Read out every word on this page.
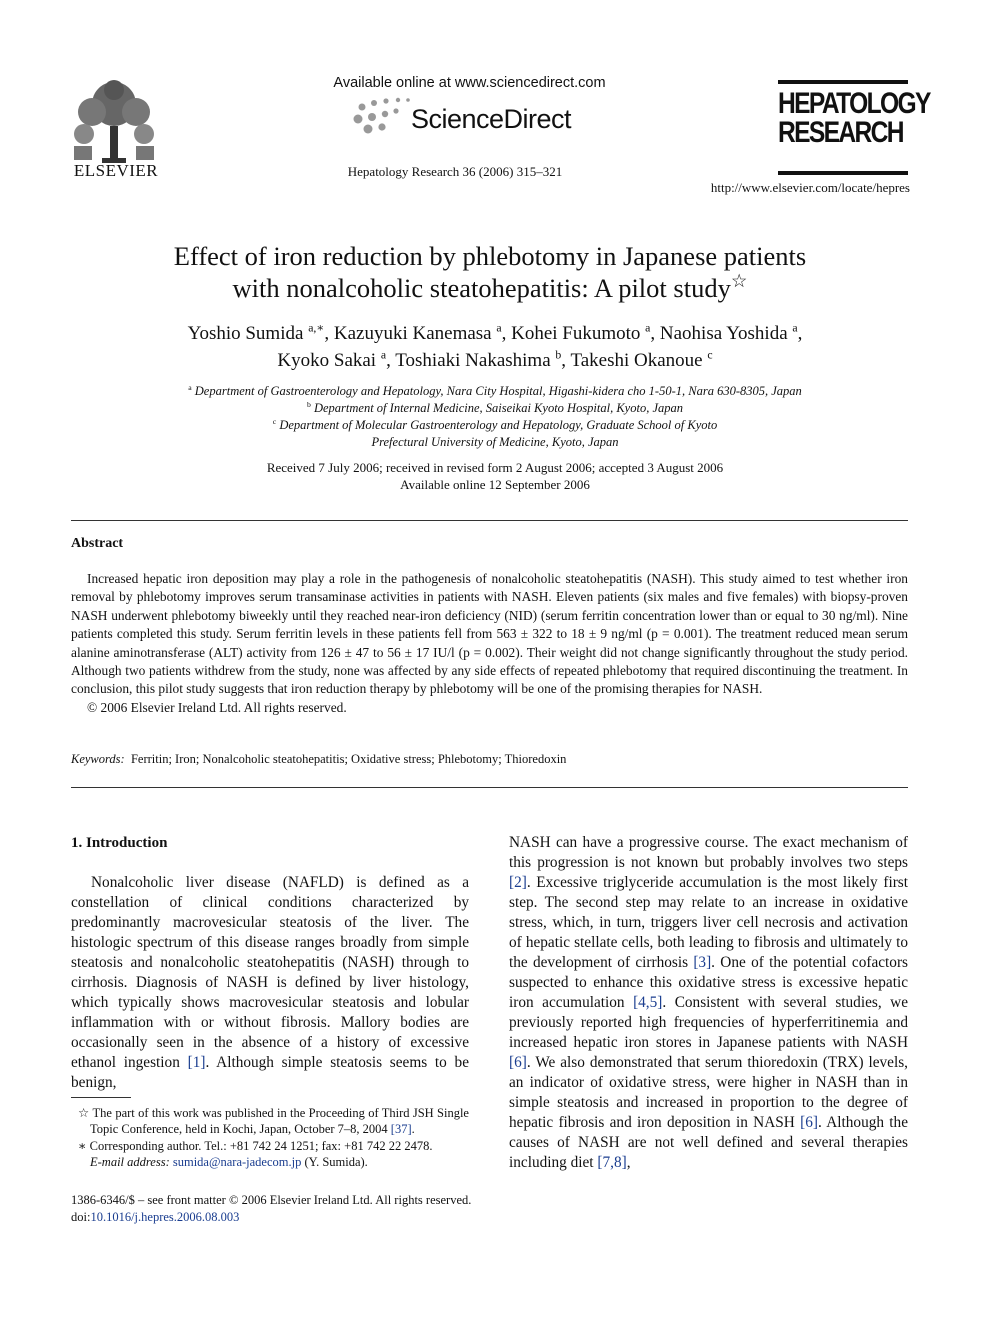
ELSEVIER
Available online at www.sciencedirect.com
ScienceDirect
Hepatology Research 36 (2006) 315–321
HEPATOLOGY
RESEARCH
http://www.elsevier.com/locate/hepres
Effect of iron reduction by phlebotomy in Japanese patients
with nonalcoholic steatohepatitis: A pilot study☆
Yoshio Sumida $^{a,∗}$, Kazuyuki Kanemasa $^a$, Kohei Fukumoto $^a$, Naohisa Yoshida $^a$,
Kyoko Sakai $^a$, Toshiaki Nakashima $^b$, Takeshi Okanoue $^c$
$^a$ Department of Gastroenterology and Hepatology, Nara City Hospital, Higashi-kidera cho 1-50-1, Nara 630-8305, Japan
$^b$ Department of Internal Medicine, Saiseikai Kyoto Hospital, Kyoto, Japan
$^c$ Department of Molecular Gastroenterology and Hepatology, Graduate School of Kyoto
Prefectural University of Medicine, Kyoto, Japan
Received 7 July 2006; received in revised form 2 August 2006; accepted 3 August 2006
Available online 12 September 2006
Abstract

Increased hepatic iron deposition may play a role in the pathogenesis of nonalcoholic steatohepatitis (NASH). This study aimed to test whether iron removal by phlebotomy improves serum transaminase activities in patients with NASH. Eleven patients (six males and five females) with biopsy-proven NASH underwent phlebotomy biweekly until they reached near-iron deficiency (NID) (serum ferritin concentration lower than or equal to 30 ng/ml). Nine patients completed this study. Serum ferritin levels in these patients fell from 563 ± 322 to 18 ± 9 ng/ml (p = 0.001). The treatment reduced mean serum alanine aminotransferase (ALT) activity from 126 ± 47 to 56 ± 17 IU/l (p = 0.002). Their weight did not change significantly throughout the study period. Although two patients withdrew from the study, none was affected by any side effects of repeated phlebotomy that required discontinuing the treatment. In conclusion, this pilot study suggests that iron reduction therapy by phlebotomy will be one of the promising therapies for NASH.

© 2006 Elsevier Ireland Ltd. All rights reserved.

Keywords: Ferritin; Iron; Nonalcoholic steatohepatitis; Oxidative stress; Phlebotomy; Thioredoxin
1. Introduction

Nonalcoholic liver disease (NAFLD) is defined as a constellation of clinical conditions characterized by predominantly macrovesicular steatosis of the liver. The histologic spectrum of this disease ranges broadly from simple steatosis and nonalcoholic steatohepatitis (NASH) through to cirrhosis. Diagnosis of NASH is defined by liver histology, which typically shows macrovesicular steatosis and lobular inflammation with or without fibrosis. Mallory bodies are occasionally seen in the absence of a history of excessive ethanol ingestion [1]. Although simple steatosis seems to be benign,

NASH can have a progressive course. The exact mechanism of this progression is not known but probably involves two steps [2]. Excessive triglyceride accumulation is the most likely first step. The second step may relate to an increase in oxidative stress, which, in turn, triggers liver cell necrosis and activation of hepatic stellate cells, both leading to fibrosis and ultimately to the development of cirrhosis [3]. One of the potential cofactors suspected to enhance this oxidative stress is excessive hepatic iron accumulation [4,5]. Consistent with several studies, we previously reported high frequencies of hyperferritinemia and increased hepatic iron stores in Japanese patients with NASH [6]. We also demonstrated that serum thioredoxin (TRX) levels, an indicator of oxidative stress, were higher in NASH than in simple steatosis and increased in proportion to the degree of hepatic fibrosis and iron deposition in NASH [6]. Although the causes of NASH are not well defined and several therapies including diet [7,8],

☆ The part of this work was published in the Proceeding of Third JSH Single Topic Conference, held in Kochi, Japan, October 7–8, 2004 [37].

∗ Corresponding author. Tel.: +81 742 24 1251; fax: +81 742 22 2478.
E-mail address: sumida@nara-jadecom.jp (Y. Sumida).

1386-6346/$ – see front matter © 2006 Elsevier Ireland Ltd. All rights reserved.
doi:10.1016/j.hepres.2006.08.003
